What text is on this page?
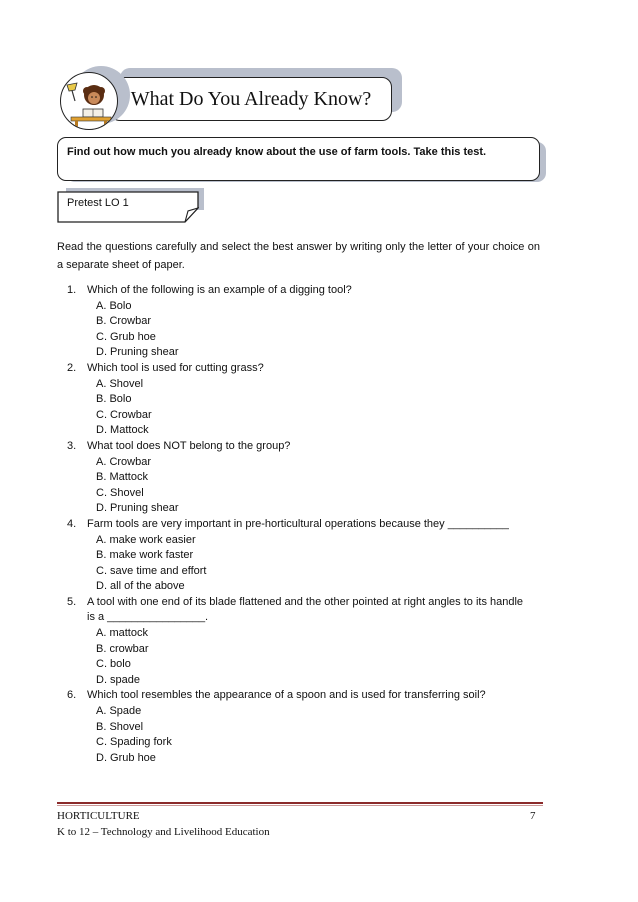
What Do You Already Know?
Find out how much you already know about the use of farm tools. Take this test.
Pretest LO 1
Read the questions carefully and select the best answer by writing only the letter of your choice on a separate sheet of paper.
1. Which of the following is an example of a digging tool?
A. Bolo
B. Crowbar
C. Grub hoe
D. Pruning shear
2. Which tool is used for cutting grass?
A. Shovel
B. Bolo
C. Crowbar
D. Mattock
3. What tool does NOT belong to the group?
A. Crowbar
B. Mattock
C. Shovel
D. Pruning shear
4. Farm tools are very important in pre-horticultural operations because they __________
A. make work easier
B. make work faster
C. save time and effort
D. all of the above
5. A tool with one end of its blade flattened and the other pointed at right angles to its handle is a ________________.
A. mattock
B. crowbar
C. bolo
D. spade
6. Which tool resembles the appearance of a spoon and is used for transferring soil?
A. Spade
B. Shovel
C. Spading fork
D. Grub hoe
HORTICULTURE
K to 12 – Technology and Livelihood Education
7
